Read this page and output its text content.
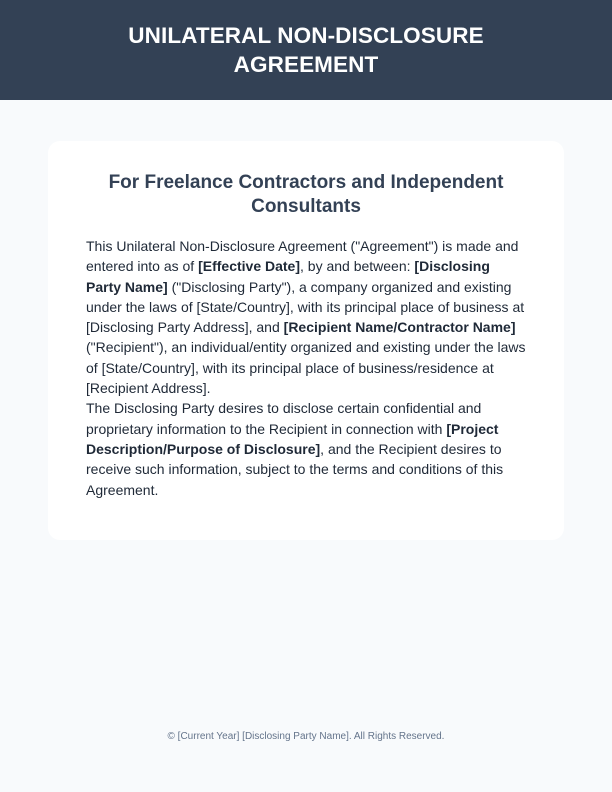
UNILATERAL NON-DISCLOSURE AGREEMENT
For Freelance Contractors and Independent Consultants

This Unilateral Non-Disclosure Agreement ("Agreement") is made and entered into as of [Effective Date], by and between: [Disclosing Party Name] ("Disclosing Party"), a company organized and existing under the laws of [State/Country], with its principal place of business at [Disclosing Party Address], and [Recipient Name/Contractor Name] ("Recipient"), an individual/entity organized and existing under the laws of [State/Country], with its principal place of business/residence at [Recipient Address].

The Disclosing Party desires to disclose certain confidential and proprietary information to the Recipient in connection with [Project Description/Purpose of Disclosure], and the Recipient desires to receive such information, subject to the terms and conditions of this Agreement.

© [Current Year] [Disclosing Party Name]. All Rights Reserved.
